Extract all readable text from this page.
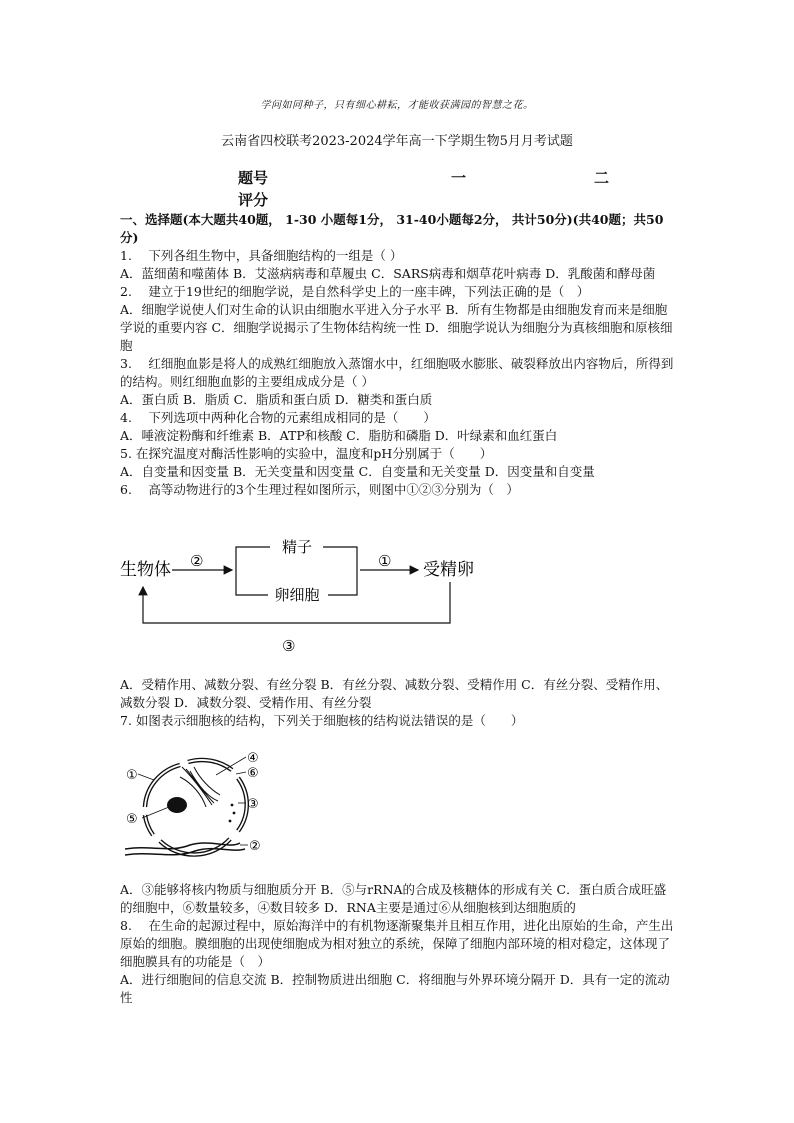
学问如同种子，只有细心耕耘，才能收获满园的智慧之花。
云南省四校联考2023-2024学年高一下学期生物5月月考试题
题号
评分
一	二

一、选择题(本大题共40题， 1-30 小题每1分， 31-40小题每2分， 共计50分)(共40题；共50分)

1.　 下列各组生物中，具备细胞结构的一组是（ ）

A．蓝细菌和噬菌体 B．艾滋病病毒和草履虫 C．SARS病毒和烟草花叶病毒 D．乳酸菌和酵母菌

2.　 建立于19世纪的细胞学说，是自然科学史上的一座丰碑，下列法正确的是（　）

A．细胞学说使人们对生命的认识由细胞水平进入分子水平 B．所有生物都是由细胞发育而来是细胞学说的重要内容 C．细胞学说揭示了生物体结构统一性 D．细胞学说认为细胞分为真核细胞和原核细胞

3.　 红细胞血影是将人的成熟红细胞放入蒸馏水中，红细胞吸水膨胀、破裂释放出内容物后，所得到的结构。则红细胞血影的主要组成成分是（ ）

A．蛋白质 B．脂质 C．脂质和蛋白质 D．糖类和蛋白质

4.　 下列选项中两种化合物的元素组成相同的是（　　）

A．唾液淀粉酶和纤维素 B．ATP和核酸 C．脂肪和磷脂 D．叶绿素和血红蛋白

5. 在探究温度对酶活性影响的实验中，温度和pH分别属于（　　）

A．自变量和因变量 B．无关变量和因变量 C．自变量和无关变量 D．因变量和自变量

6.　 高等动物进行的3个生理过程如图所示，则图中①②③分别为（　）

生物体 ②
精子
卵细胞
① 受精卵
③

A．受精作用、减数分裂、有丝分裂 B．有丝分裂、减数分裂、受精作用 C．有丝分裂、受精作用、减数分裂 D．减数分裂、受精作用、有丝分裂

7. 如图表示细胞核的结构，下列关于细胞核的结构说法错误的是（　　）

①
⑤
④
⑥
③
②

A．③能够将核内物质与细胞质分开 B．⑤与rRNA的合成及核糖体的形成有关 C．蛋白质合成旺盛的细胞中，⑥数量较多，④数目较多 D．RNA主要是通过⑥从细胞核到达细胞质的

8.　 在生命的起源过程中，原始海洋中的有机物逐渐聚集并且相互作用，进化出原始的生命，产生出原始的细胞。膜细胞的出现使细胞成为相对独立的系统，保障了细胞内部环境的相对稳定，这体现了细胞膜具有的功能是（　）

A．进行细胞间的信息交流 B．控制物质进出细胞 C．将细胞与外界环境分隔开 D．具有一定的流动性
